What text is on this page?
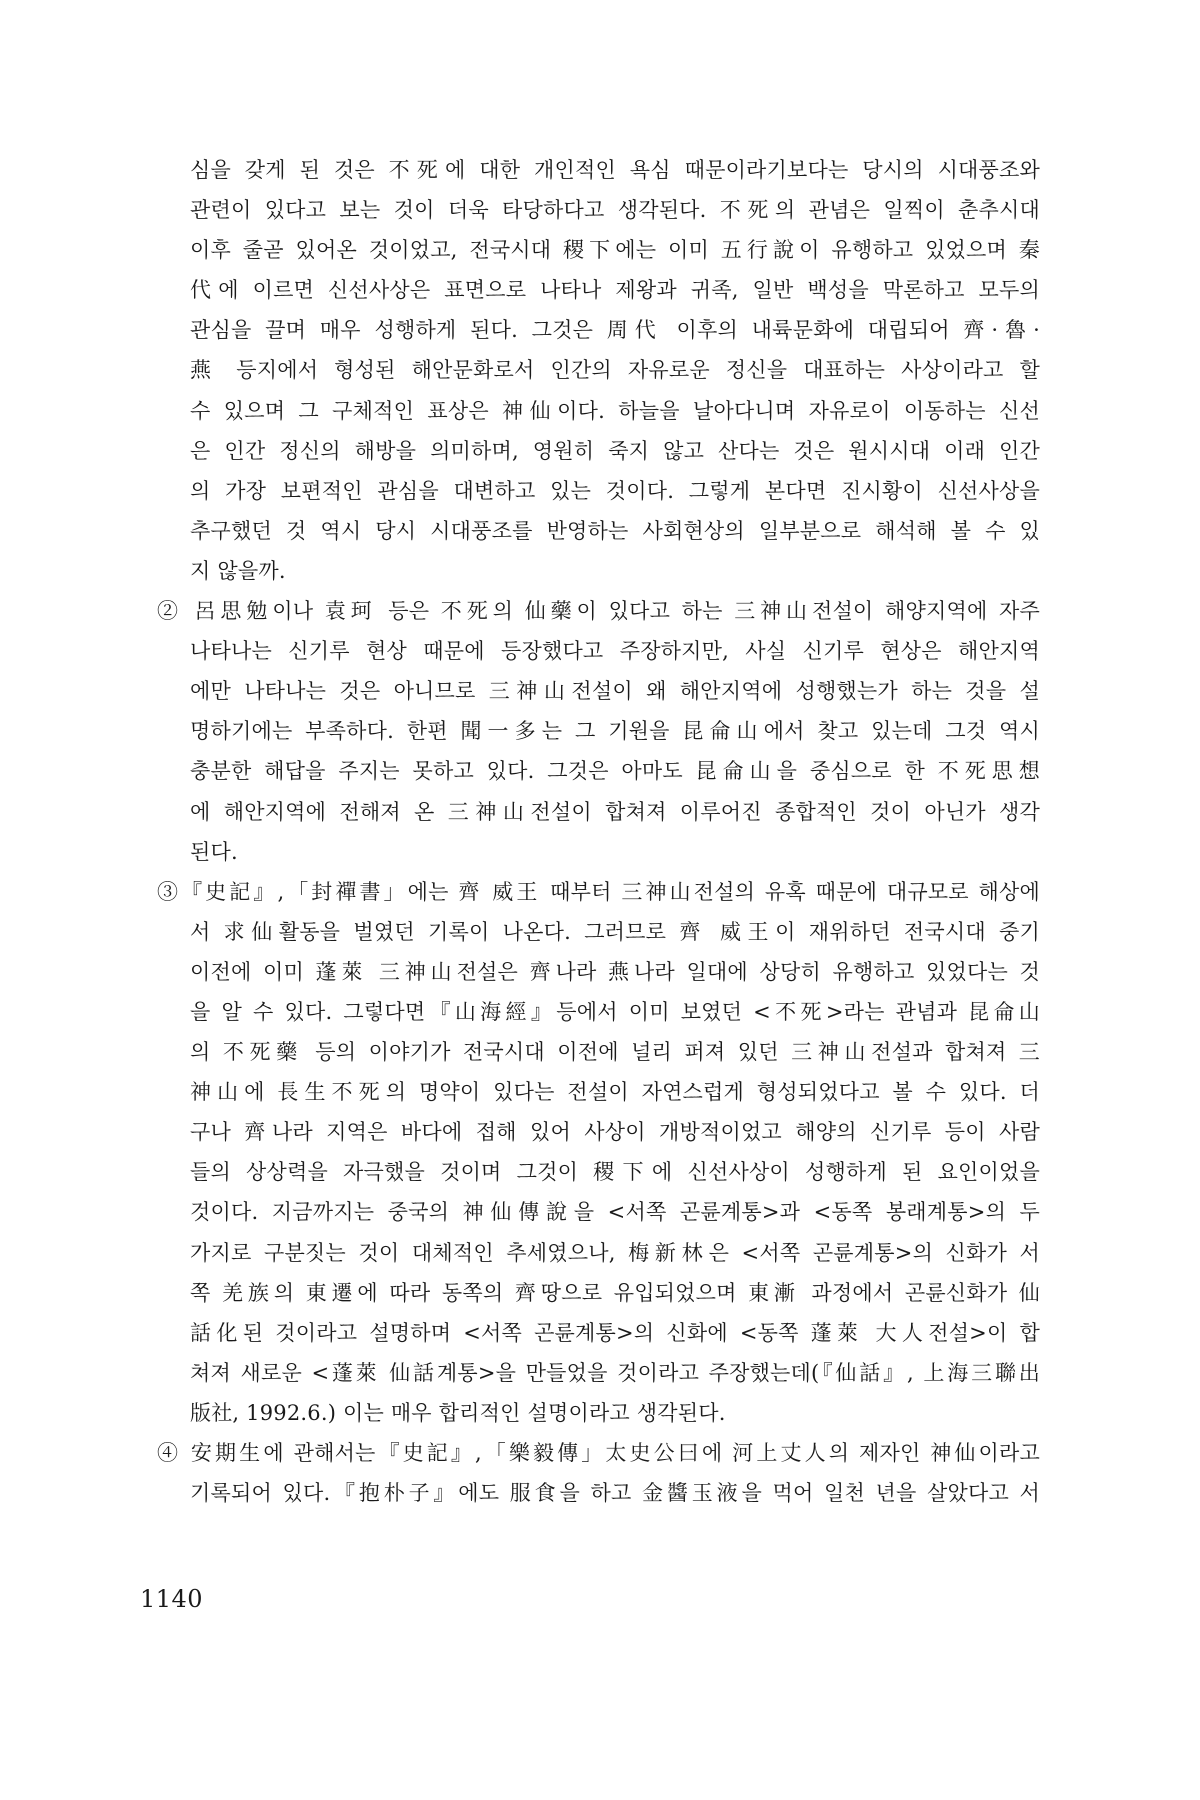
심을 갖게 된 것은 不死에 대한 개인적인 욕심 때문이라기보다는 당시의 시대풍조와
관련이 있다고 보는 것이 더욱 타당하다고 생각된다. 不死의 관념은 일찍이 춘추시대
이후 줄곧 있어온 것이었고, 전국시대 稷下에는 이미 五行說이 유행하고 있었으며 秦
代에 이르면 신선사상은 표면으로 나타나 제왕과 귀족, 일반 백성을 막론하고 모두의
관심을 끌며 매우 성행하게 된다. 그것은 周代 이후의 내륙문화에 대립되어 齊·魯·
燕 등지에서 형성된 해안문화로서 인간의 자유로운 정신을 대표하는 사상이라고 할
수 있으며 그 구체적인 표상은 神仙이다. 하늘을 날아다니며 자유로이 이동하는 신선
은 인간 정신의 해방을 의미하며, 영원히 죽지 않고 산다는 것은 원시시대 이래 인간
의 가장 보편적인 관심을 대변하고 있는 것이다. 그렇게 본다면 진시황이 신선사상을
추구했던 것 역시 당시 시대풍조를 반영하는 사회현상의 일부분으로 해석해 볼 수 있
지 않을까.
② 呂思勉이나 袁珂 등은 不死의 仙藥이 있다고 하는 三神山전설이 해양지역에 자주
나타나는 신기루 현상 때문에 등장했다고 주장하지만, 사실 신기루 현상은 해안지역
에만 나타나는 것은 아니므로 三神山전설이 왜 해안지역에 성행했는가 하는 것을 설
명하기에는 부족하다. 한편 聞一多는 그 기원을 昆侖山에서 찾고 있는데 그것 역시
충분한 해답을 주지는 못하고 있다. 그것은 아마도 昆侖山을 중심으로 한 不死思想
에 해안지역에 전해져 온 三神山전설이 합쳐져 이루어진 종합적인 것이 아닌가 생각
된다.
③『史記』,「封禪書」에는 齊 威王 때부터 三神山전설의 유혹 때문에 대규모로 해상에
서 求仙활동을 벌였던 기록이 나온다. 그러므로 齊 威王이 재위하던 전국시대 중기
이전에 이미 蓬萊 三神山전설은 齊나라 燕나라 일대에 상당히 유행하고 있었다는 것
을 알 수 있다. 그렇다면『山海經』등에서 이미 보였던 <不死>라는 관념과 昆侖山
의 不死藥 등의 이야기가 전국시대 이전에 널리 퍼져 있던 三神山전설과 합쳐져 三
神山에 長生不死의 명약이 있다는 전설이 자연스럽게 형성되었다고 볼 수 있다. 더
구나 齊나라 지역은 바다에 접해 있어 사상이 개방적이었고 해양의 신기루 등이 사람
들의 상상력을 자극했을 것이며 그것이 稷下에 신선사상이 성행하게 된 요인이었을
것이다. 지금까지는 중국의 神仙傳說을 <서쪽 곤륜계통>과 <동쪽 봉래계통>의 두
가지로 구분짓는 것이 대체적인 추세였으나, 梅新林은 <서쪽 곤륜계통>의 신화가 서
쪽 羌族의 東遷에 따라 동쪽의 齊땅으로 유입되었으며 東漸 과정에서 곤륜신화가 仙
話化된 것이라고 설명하며 <서쪽 곤륜계통>의 신화에 <동쪽 蓬萊 大人전설>이 합
쳐져 새로운 <蓬萊 仙話계통>을 만들었을 것이라고 주장했는데(『仙話』, 上海三聯出
版社, 1992.6.) 이는 매우 합리적인 설명이라고 생각된다.
④ 安期生에 관해서는『史記』,「樂毅傳」太史公曰에 河上丈人의 제자인 神仙이라고
기록되어 있다.『抱朴子』에도 服食을 하고 金醬玉液을 먹어 일천 년을 살았다고 서
1140
